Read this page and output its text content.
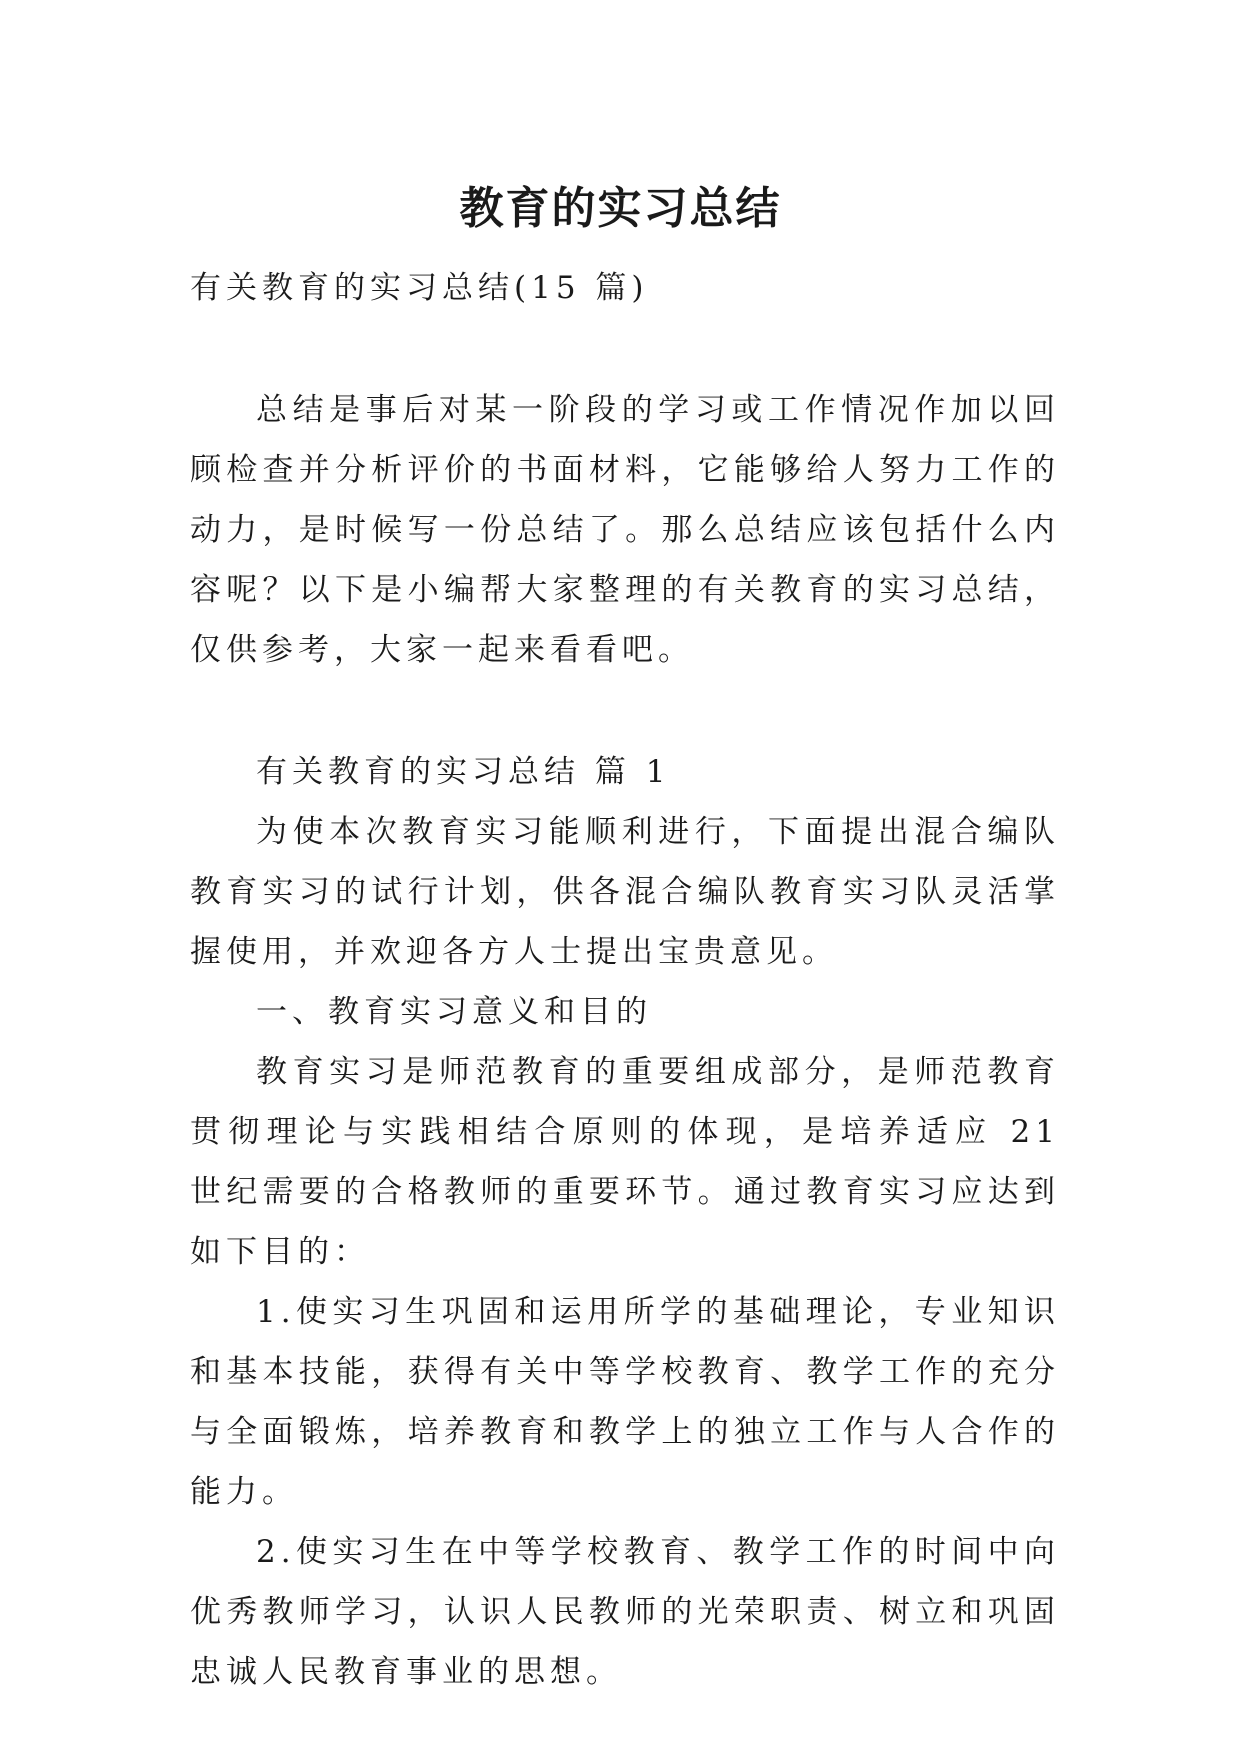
教育的实习总结

有关教育的实习总结(15 篇)

总结是事后对某一阶段的学习或工作情况作加以回顾检查并分析评价的书面材料，它能够给人努力工作的动力，是时候写一份总结了。那么总结应该包括什么内容呢？以下是小编帮大家整理的有关教育的实习总结，仅供参考，大家一起来看看吧。

有关教育的实习总结 篇 1

为使本次教育实习能顺利进行，下面提出混合编队教育实习的试行计划，供各混合编队教育实习队灵活掌握使用，并欢迎各方人士提出宝贵意见。

一、教育实习意义和目的

教育实习是师范教育的重要组成部分，是师范教育贯彻理论与实践相结合原则的体现，是培养适应 21 世纪需要的合格教师的重要环节。通过教育实习应达到如下目的：

1.使实习生巩固和运用所学的基础理论，专业知识和基本技能，获得有关中等学校教育、教学工作的充分与全面锻炼，培养教育和教学上的独立工作与人合作的能力。

2.使实习生在中等学校教育、教学工作的时间中向优秀教师学习，认识人民教师的光荣职责、树立和巩固忠诚人民教育事业的思想。
